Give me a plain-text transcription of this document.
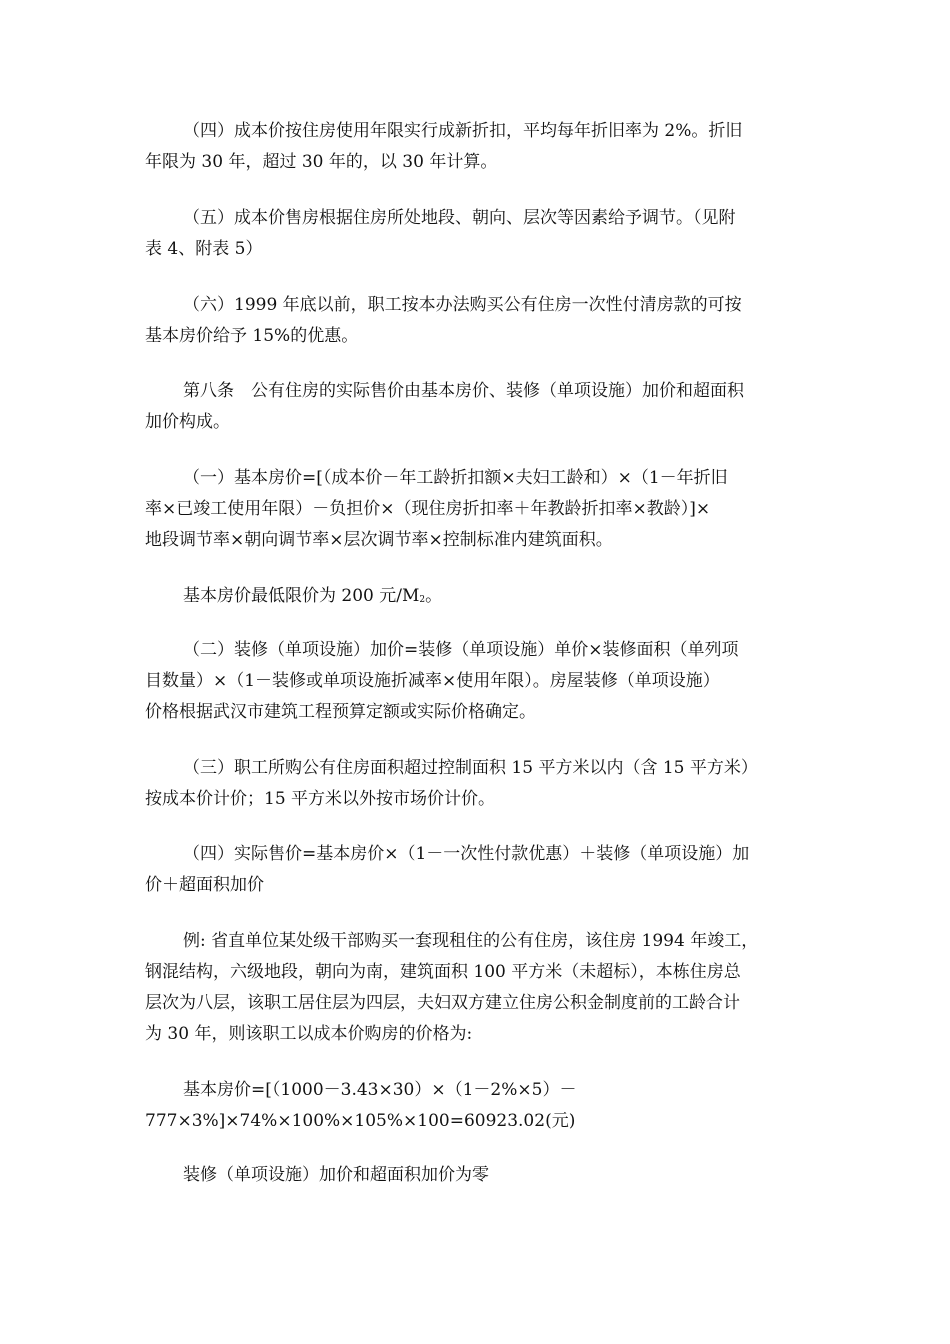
（四）成本价按住房使用年限实行成新折扣，平均每年折旧率为 2%。折旧
年限为 30 年，超过 30 年的，以 30 年计算。

（五）成本价售房根据住房所处地段、朝向、层次等因素给予调节。（见附
表 4、附表 5）

（六）1999 年底以前，职工按本办法购买公有住房一次性付清房款的可按
基本房价给予 15%的优惠。

第八条　公有住房的实际售价由基本房价、装修（单项设施）加价和超面积
加价构成。

（一）基本房价=[（成本价－年工龄折扣额×夫妇工龄和）×（1－年折旧
率×已竣工使用年限）－负担价×（现住房折扣率＋年教龄折扣率×教龄）]×
地段调节率×朝向调节率×层次调节率×控制标准内建筑面积。

基本房价最低限价为 200 元$/M_2$。

（二）装修（单项设施）加价=装修（单项设施）单价×装修面积（单列项
目数量）×（1－装修或单项设施折减率×使用年限）。房屋装修（单项设施）
价格根据武汉市建筑工程预算定额或实际价格确定。

（三）职工所购公有住房面积超过控制面积 15 平方米以内（含 15 平方米）
按成本价计价；15 平方米以外按市场价计价。

（四）实际售价=基本房价×（1－一次性付款优惠）＋装修（单项设施）加
价＋超面积加价

例: 省直单位某处级干部购买一套现租住的公有住房，该住房 1994 年竣工，
钢混结构，六级地段，朝向为南，建筑面积 100 平方米（未超标），本栋住房总
层次为八层，该职工居住层为四层，夫妇双方建立住房公积金制度前的工龄合计
为 30 年，则该职工以成本价购房的价格为:

基本房价=[（1000－3.43×30）×（1－2%×5）－
777×3%]×74%×100%×105%×100=60923.02(元)

装修（单项设施）加价和超面积加价为零
